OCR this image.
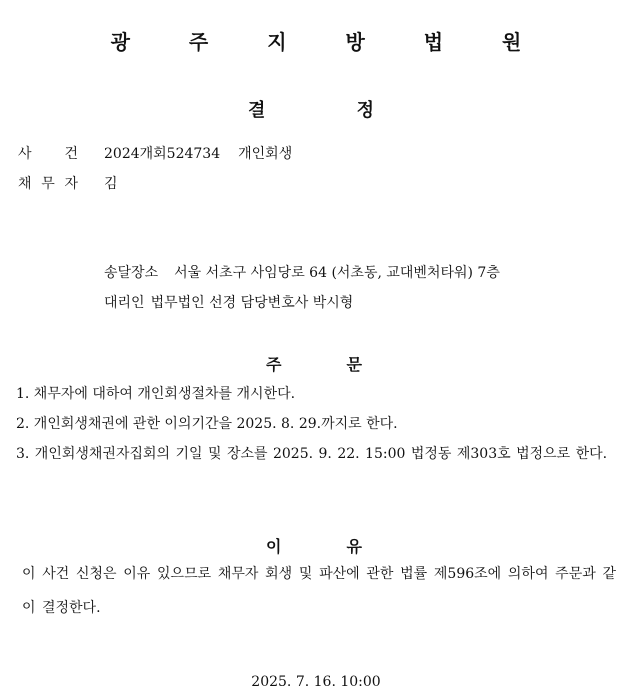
광 주 지 방 법 원
결	정
사 건 2024개회524734 개인회생
채 무 자 김
송달장소 서울 서초구 사임당로 64 (서초동, 교대벤처타워) 7층
대리인 법무법인 선경 담당변호사 박시형
주	문
1. 채무자에 대하여 개인회생절차를 개시한다.
2. 개인회생채권에 관한 이의기간을 2025. 8. 29.까지로 한다.
3. 개인회생채권자집회의 기일 및 장소를 2025. 9. 22. 15:00 법정동 제303호 법정으로 한다.
이	유
이 사건 신청은 이유 있으므로 채무자 회생 및 파산에 관한 법률 제596조에 의하여 주문과 같이 결정한다.
2025. 7. 16. 10:00
